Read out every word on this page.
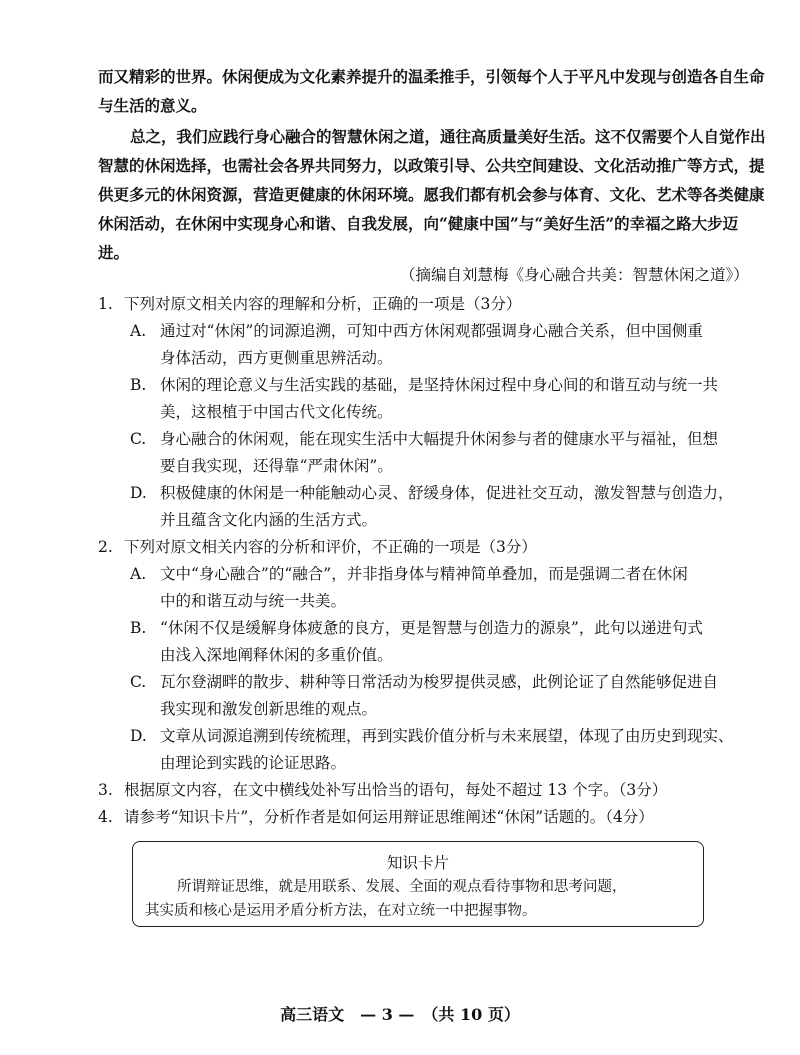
而又精彩的世界。休闲便成为文化素养提升的温柔推手，引领每个人于平凡中发现与创造各自生命
与生活的意义。
总之，我们应践行身心融合的智慧休闲之道，通往高质量美好生活。这不仅需要个人自觉作出
智慧的休闲选择，也需社会各界共同努力，以政策引导、公共空间建设、文化活动推广等方式，提
供更多元的休闲资源，营造更健康的休闲环境。愿我们都有机会参与体育、文化、艺术等各类健康
休闲活动，在休闲中实现身心和谐、自我发展，向“健康中国”与“美好生活”的幸福之路大步迈
进。
（摘编自刘慧梅《身心融合共美：智慧休闲之道》）
1. 下列对原文相关内容的理解和分析，正确的一项是（3分）
A. 通过对“休闲”的词源追溯，可知中西方休闲观都强调身心融合关系，但中国侧重
身体活动，西方更侧重思辨活动。
B. 休闲的理论意义与生活实践的基础，是坚持休闲过程中身心间的和谐互动与统一共
美，这根植于中国古代文化传统。
C. 身心融合的休闲观，能在现实生活中大幅提升休闲参与者的健康水平与福祉，但想
要自我实现，还得靠“严肃休闲”。
D. 积极健康的休闲是一种能触动心灵、舒缓身体，促进社交互动，激发智慧与创造力，
并且蕴含文化内涵的生活方式。
2. 下列对原文相关内容的分析和评价，不正确的一项是（3分）
A. 文中“身心融合”的“融合”，并非指身体与精神简单叠加，而是强调二者在休闲
中的和谐互动与统一共美。
B. “休闲不仅是缓解身体疲惫的良方，更是智慧与创造力的源泉”，此句以递进句式
由浅入深地阐释休闲的多重价值。
C. 瓦尔登湖畔的散步、耕种等日常活动为梭罗提供灵感，此例论证了自然能够促进自
我实现和激发创新思维的观点。
D. 文章从词源追溯到传统梳理，再到实践价值分析与未来展望，体现了由历史到现实、
由理论到实践的论证思路。
3. 根据原文内容，在文中横线处补写出恰当的语句，每处不超过 13 个字。（3分）
4. 请参考“知识卡片”，分析作者是如何运用辩证思维阐述“休闲”话题的。（4分）
知识卡片
所谓辩证思维，就是用联系、发展、全面的观点看待事物和思考问题，
其实质和核心是运用矛盾分析方法，在对立统一中把握事物。
高三语文　— 3 —　（共 10 页）
